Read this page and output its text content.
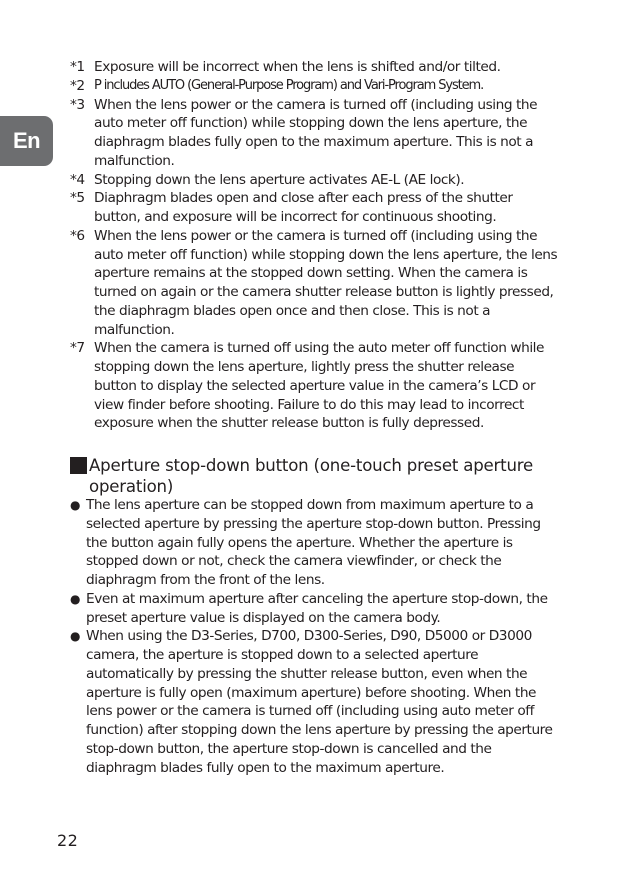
En
*1 Exposure will be incorrect when the lens is shifted and/or tilted.
*2 P includes AUTO (General-Purpose Program) and Vari-Program System.
*3 When the lens power or the camera is turned off (including using the auto meter off function) while stopping down the lens aperture, the diaphragm blades fully open to the maximum aperture. This is not a malfunction.
*4 Stopping down the lens aperture activates AE-L (AE lock).
*5 Diaphragm blades open and close after each press of the shutter button, and exposure will be incorrect for continuous shooting.
*6 When the lens power or the camera is turned off (including using the auto meter off function) while stopping down the lens aperture, the lens aperture remains at the stopped down setting. When the camera is turned on again or the camera shutter release button is lightly pressed, the diaphragm blades open once and then close. This is not a malfunction.
*7 When the camera is turned off using the auto meter off function while stopping down the lens aperture, lightly press the shutter release button to display the selected aperture value in the camera’s LCD or view finder before shooting. Failure to do this may lead to incorrect exposure when the shutter release button is fully depressed.
Aperture stop-down button (one-touch preset aperture operation)
● The lens aperture can be stopped down from maximum aperture to a selected aperture by pressing the aperture stop-down button. Pressing the button again fully opens the aperture. Whether the aperture is stopped down or not, check the camera viewfinder, or check the diaphragm from the front of the lens.
● Even at maximum aperture after canceling the aperture stop-down, the preset aperture value is displayed on the camera body.
● When using the D3-Series, D700, D300-Series, D90, D5000 or D3000 camera, the aperture is stopped down to a selected aperture automatically by pressing the shutter release button, even when the aperture is fully open (maximum aperture) before shooting. When the lens power or the camera is turned off (including using auto meter off function) after stopping down the lens aperture by pressing the aperture stop-down button, the aperture stop-down is cancelled and the diaphragm blades fully open to the maximum aperture.
22
